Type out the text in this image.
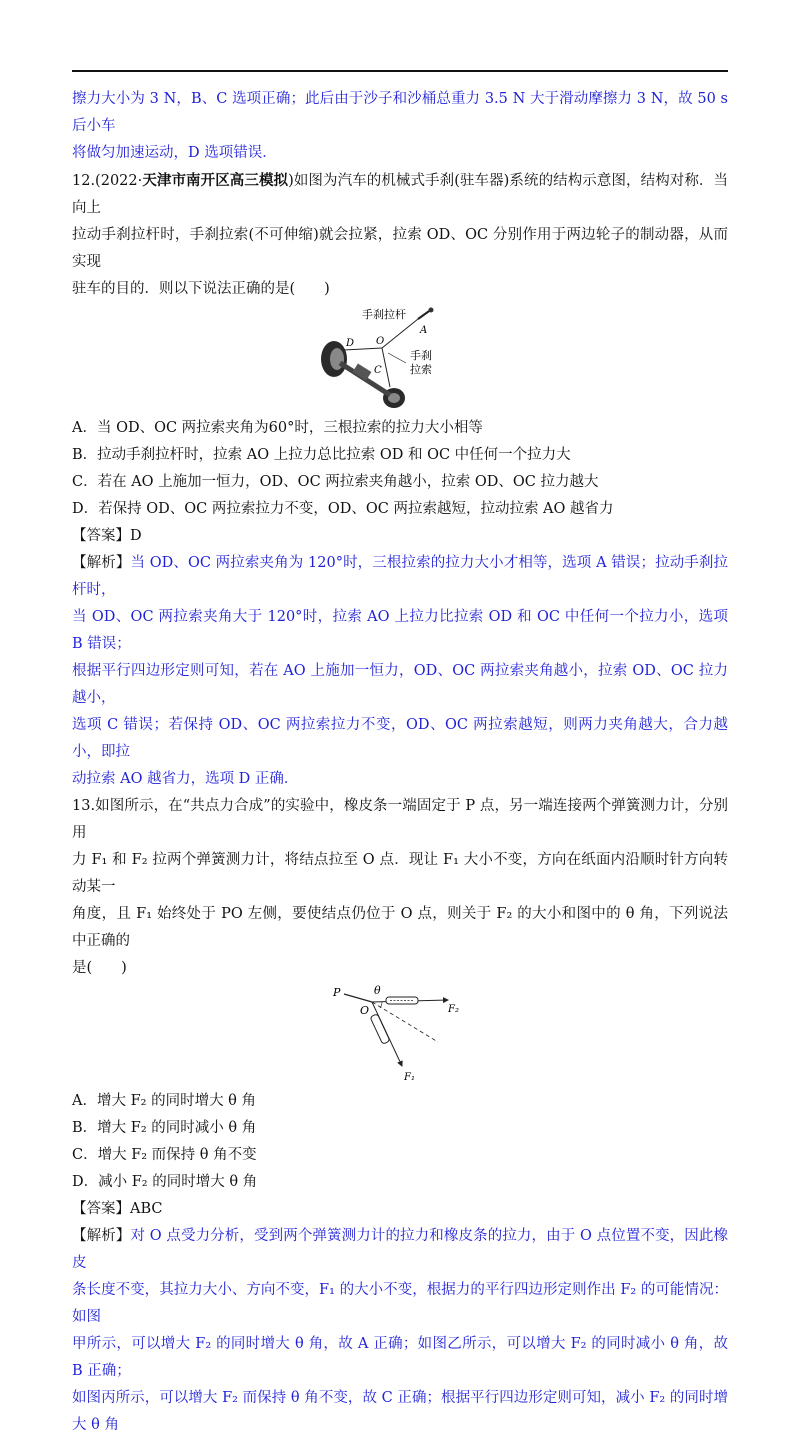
擦力大小为 3 N，B、C 选项正确；此后由于沙子和沙桶总重力 3.5 N 大于滑动摩擦力 3 N，故 50 s 后小车

将做匀加速运动，D 选项错误．

12.(2022·天津市南开区高三模拟)如图为汽车的机械式手刹(驻车器)系统的结构示意图，结构对称．当向上

拉动手刹拉杆时，手刹拉索(不可伸缩)就会拉紧，拉索 OD、OC 分别作用于两边轮子的制动器，从而实现

驻车的目的．则以下说法正确的是(　　)

手刹拉杆
A
D O
C
手刹
拉索

A．当 OD、OC 两拉索夹角为60°时，三根拉索的拉力大小相等

B．拉动手刹拉杆时，拉索 AO 上拉力总比拉索 OD 和 OC 中任何一个拉力大

C．若在 AO 上施加一恒力，OD、OC 两拉索夹角越小，拉索 OD、OC 拉力越大

D．若保持 OD、OC 两拉索拉力不变，OD、OC 两拉索越短，拉动拉索 AO 越省力

【答案】D

【解析】当 OD、OC 两拉索夹角为 120°时，三根拉索的拉力大小才相等，选项 A 错误；拉动手刹拉杆时，

当 OD、OC 两拉索夹角大于 120°时，拉索 AO 上拉力比拉索 OD 和 OC 中任何一个拉力小，选项 B 错误；

根据平行四边形定则可知，若在 AO 上施加一恒力，OD、OC 两拉索夹角越小，拉索 OD、OC 拉力越小，

选项 C 错误；若保持 OD、OC 两拉索拉力不变，OD、OC 两拉索越短，则两力夹角越大，合力越小，即拉

动拉索 AO 越省力，选项 D 正确．

13.如图所示，在“共点力合成”的实验中，橡皮条一端固定于 P 点，另一端连接两个弹簧测力计，分别用

力 F₁ 和 F₂ 拉两个弹簧测力计，将结点拉至 O 点．现让 F₁ 大小不变，方向在纸面内沿顺时针方向转动某一

角度，且 F₁ 始终处于 PO 左侧，要使结点仍位于 O 点，则关于 F₂ 的大小和图中的 θ 角，下列说法中正确的

是(　　)

P	θ
O	F₂
F₁

A．增大 F₂ 的同时增大 θ 角

B．增大 F₂ 的同时减小 θ 角

C．增大 F₂ 而保持 θ 角不变

D．减小 F₂ 的同时增大 θ 角

【答案】ABC

【解析】对 O 点受力分析，受到两个弹簧测力计的拉力和橡皮条的拉力，由于 O 点位置不变，因此橡皮

条长度不变，其拉力大小、方向不变，F₁ 的大小不变，根据力的平行四边形定则作出 F₂ 的可能情况：如图

甲所示，可以增大 F₂ 的同时增大 θ 角，故 A 正确；如图乙所示，可以增大 F₂ 的同时减小 θ 角，故 B 正确；

如图丙所示，可以增大 F₂ 而保持 θ 角不变，故 C 正确；根据平行四边形定则可知，减小 F₂ 的同时增大 θ 角
